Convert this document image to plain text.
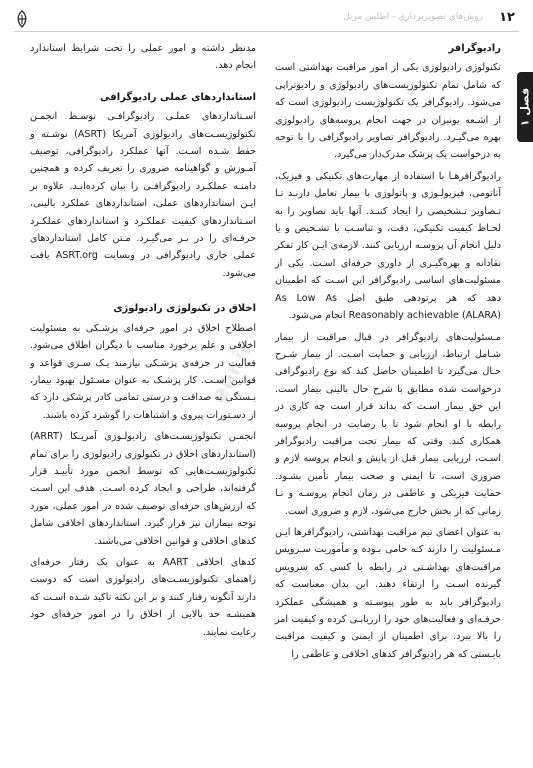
۱۲
روش‌های تصویربرداری - اطلس مرتل
فصل ۱
ehr.ir
رادیوگرافر

تکنولوژی رادیولوژی یکی از امور مراقبت بهداشتی است که شامل تمام تکنولوژیست‌های رادیولوژی و رادیوتراپی می‌شود. رادیوگرافر یک تکنولوژیست رادیولوژی است که از اشـعه یونیزان در جهت انجام پروسه‌های رادیولوژی بهره می‌گیـرد. رادیوگرافر تصاویر رادیوگرافی را با توجه به درخواست یک پزشک مدرک‌دار می‌گیرد.

رادیوگرافرهـا با استفاده از مهارت‌های تکنیکی و فیزیک، آناتومی، فیزیولـوژی و پاتولوژی با بیمار تعامل دارنـد تـا تـصاویر تـشخیصی را ایجاد کننـد. آنها باید تصاویر را به لحـاظ کیفیت تکنیکی، دقت، و تناسـب با تشـخیص و یا دلیل انجام آن پروسـه ارزیابی کنند. لازمه‌ی ایـن کار تفکر نقادانه و بهره‌گیـری از داوری حرفه‌ای اسـت. یکی از مسئولیت‌های اساسی رادیوگرافر این اسـت که اطمینان دهد که هر پرتودهی طبق اصل As Low As Reasonably achievable (ALARA) انجام می‌شود.

مـسئولیت‌های رادیوگرافر در قبال مراقبت از بیمار شـامل ارتباط، ارزیابی و حمایت اسـت. از بیمار شـرح حـال می‌گیرد تا اطمینان حاصل کند که نوع رادیوگرافی درخواست شده مطابق با شرح حال بالینی بیمار است. این حق بیمار اسـت که بداند قرار است چه کاری در رابطه با او انجام شود تا با رضایت در انجام پروسه همکاری کند. وقتی که بیمار تحت مراقبت رادیوگرافر اسـت، ارزیابی بیمار قبل از پایش و انجام پروسه لازم و ضروری است، تا ایمنی و صحت بیمار تأمین بشـود. حمایت فیزیکی و عاطفی در زمان انجام پروسـه و تـا زمانی که از بخش خارج می‌شود، لازم و ضروری است.

به عنوان اعضای تیم مراقبت بهداشتی، رادیوگرافرها ایـن مـسئولیت را دارند کـه حامی بـوده و مأموریت سـرویس مراقبت‌های بهداشـتی در رابطه با کسی که سرویس گیرنده اسـت را ارتقاء دهند. این بدان معناست که رادیوگرافر باید به طور پیوسـته و همیشگی عملکرد حرفـه‌ای و فعالیت‌های خود را ارزیابـی کرده و کیفیت امر را بالا ببرد. برای اطمینان از ایمنی و کیفیت مراقبت بایـستی که هر رادیوگرافر کدهای اخلاقی و عاطفی را

مدنظر داشته و امور عملی را تحت شرایط استاندارد انجام دهد.

استانداردهای عملی رادیوگرافی

اسـتانداردهای عملـی رادیوگرافـی توسـط انجمـن تکنولوژیسـت‌های رادیولوژی آمریکا (ASRT) نوشـته و حفظ شـده اسـت. آنها عملکرد رادیوگرافی، توصیف آمـوزش و گواهینامه ضروری را تعریف کرده و همچنین دامنـه عملکـرد رادیوگرافـی را بیان کرده‌انـد. علاوه بر ایـن استانداردهای عملی، استانداردهای عملکرد بالینی، اسـتانداردهای کیفیت عملکـرد و استانداردهای عملکـرد حرفـه‌ای را در بـر می‌گیـرد. مـتن کامل استانداردهای عملی جاری رادیوگرافی در وبسایت ASRT.org یافت می‌شود.

اخلاق در تکنولوژی رادیولوژی

اصطلاح اخلاق در امور حرفه‌ای پزشـکی به مسئولیت اخلاقی و علم برخورد مناسب با دیگران اطلاق می‌شود. فعالیت در حرفه‌ی پزشـکی نیازمند یـک سـری قواعد و قوانین اسـت. کار پزشـک به عنوان مسـئول بهبود بیمار، بـستگی به صداقت و درستی تمامی کادر پزشکی دارد که از دسـتورات پیروی و اشتباهات را گوشزد کرده باشند.

انجمـن تکنولوژیسـت‌های رادیولـوژی آمریـکا (ARRT) (استانداردهای اخلاق در تکنولوژی رادیولوژی را برای تمام تکنولوژیسـت‌هایی که توسط انجمن مورد تأییـد قرار گرفته‌اند، طراحی و ایجاد کرده اسـت. هدف این اسـت که ارزش‌های حرفه‌ای توصیف شده در امور عملی، مورد توجه بیماران نیز قرار گیرد. استانداردهای اخلاقی شامل کدهای اخلاقی و قوانین اخلاقی می‌باشند.

کدهای اخلاقی AART به عنوان یک رفتار حرفه‌ای راهنمای تکنولوژیسـت‌های رادیولوژی است که دوست دارند آنگونه رفتار کنند و بر این نکته تاکید شـده اسـت که همیشـه حد بالایی از اخلاق را در امور حرفه‌ای خود رعایت نمایند.
